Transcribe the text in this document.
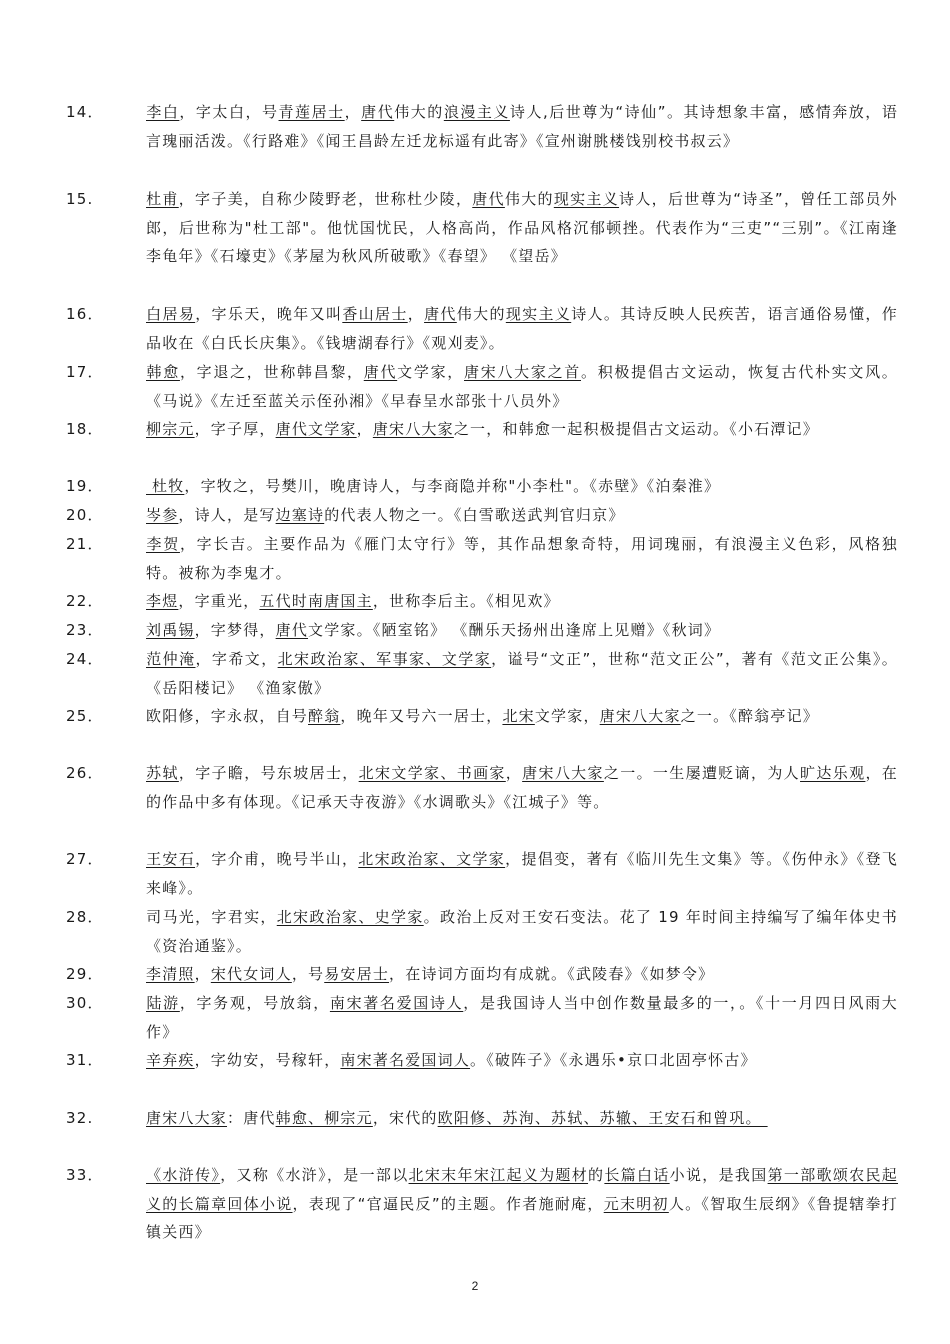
14．	李白，字太白，号青莲居士，唐代伟大的浪漫主义诗人,后世尊为“诗仙”。其诗想象丰富，感情奔放，语言瑰丽活泼。《行路难》《闻王昌龄左迁龙标遥有此寄》《宣州谢朓楼饯别校书叔云》
15.	杜甫，字子美，自称少陵野老，世称杜少陵，唐代伟大的现实主义诗人，后世尊为“诗圣”，曾任工部员外郎，后世称为"杜工部"。他忧国忧民，人格高尚，作品风格沉郁顿挫。代表作为“三吏”“三别”。《江南逢李龟年》《石壕吏》《茅屋为秋风所破歌》《春望》 《望岳》
16．	白居易，字乐天，晚年又叫香山居士，唐代伟大的现实主义诗人。其诗反映人民疾苦，语言通俗易懂，作品收在《白氏长庆集》。《钱塘湖春行》《观刈麦》。
17．	韩愈，字退之，世称韩昌黎，唐代文学家，唐宋八大家之首。积极提倡古文运动，恢复古代朴实文风。《马说》《左迁至蓝关示侄孙湘》《早春呈水部张十八员外》
18．	柳宗元，字子厚，唐代文学家，唐宋八大家之一，和韩愈一起积极提倡古文运动。《小石潭记》
19．	杜牧，字牧之，号樊川，晚唐诗人，与李商隐并称"小李杜"。《赤壁》《泊秦淮》
20．	岑参，诗人，是写边塞诗的代表人物之一。《白雪歌送武判官归京》
21．	李贺，字长吉。主要作品为《雁门太守行》等，其作品想象奇特，用词瑰丽，有浪漫主义色彩，风格独特。被称为李鬼才。
22．	李煜，字重光，五代时南唐国主，世称李后主。《相见欢》
23．	刘禹锡，字梦得，唐代文学家。《陋室铭》 《酬乐天扬州出逢席上见赠》《秋词》
24．	范仲淹，字希文，北宋政治家、军事家、文学家，谥号“文正”，世称“范文正公”，著有《范文正公集》。《岳阳楼记》 《渔家傲》
25．	欧阳修，字永叔，自号醉翁，晚年又号六一居士，北宋文学家，唐宋八大家之一。《醉翁亭记》
26．	苏轼，字子瞻，号东坡居士，北宋文学家、书画家，唐宋八大家之一。一生屡遭贬谪，为人旷达乐观，在的作品中多有体现。《记承天寺夜游》《水调歌头》《江城子》等。
27．	王安石，字介甫，晚号半山，北宋政治家、文学家，提倡变，著有《临川先生文集》等。《伤仲永》《登飞来峰》。
28．	司马光，字君实，北宋政治家、史学家。政治上反对王安石变法。花了 19 年时间主持编写了编年体史书《资治通鉴》。
29．	李清照，宋代女词人，号易安居士，在诗词方面均有成就。《武陵春》《如梦令》
30．	陆游，字务观，号放翁，南宋著名爱国诗人，是我国诗人当中创作数量最多的一，。《十一月四日风雨大作》
31．	辛弃疾，字幼安，号稼轩，南宋著名爱国词人。《破阵子》《永遇乐•京口北固亭怀古》
32.	唐宋八大家：唐代韩愈、柳宗元，宋代的欧阳修、苏洵、苏轼、苏辙、王安石和曾巩。
33．	《水浒传》，又称《水浒》，是一部以北宋末年宋江起义为题材的长篇白话小说，是我国第一部歌颂农民起义的长篇章回体小说，表现了“官逼民反”的主题。作者施耐庵，元末明初人。《智取生辰纲》《鲁提辖拳打镇关西》
2
